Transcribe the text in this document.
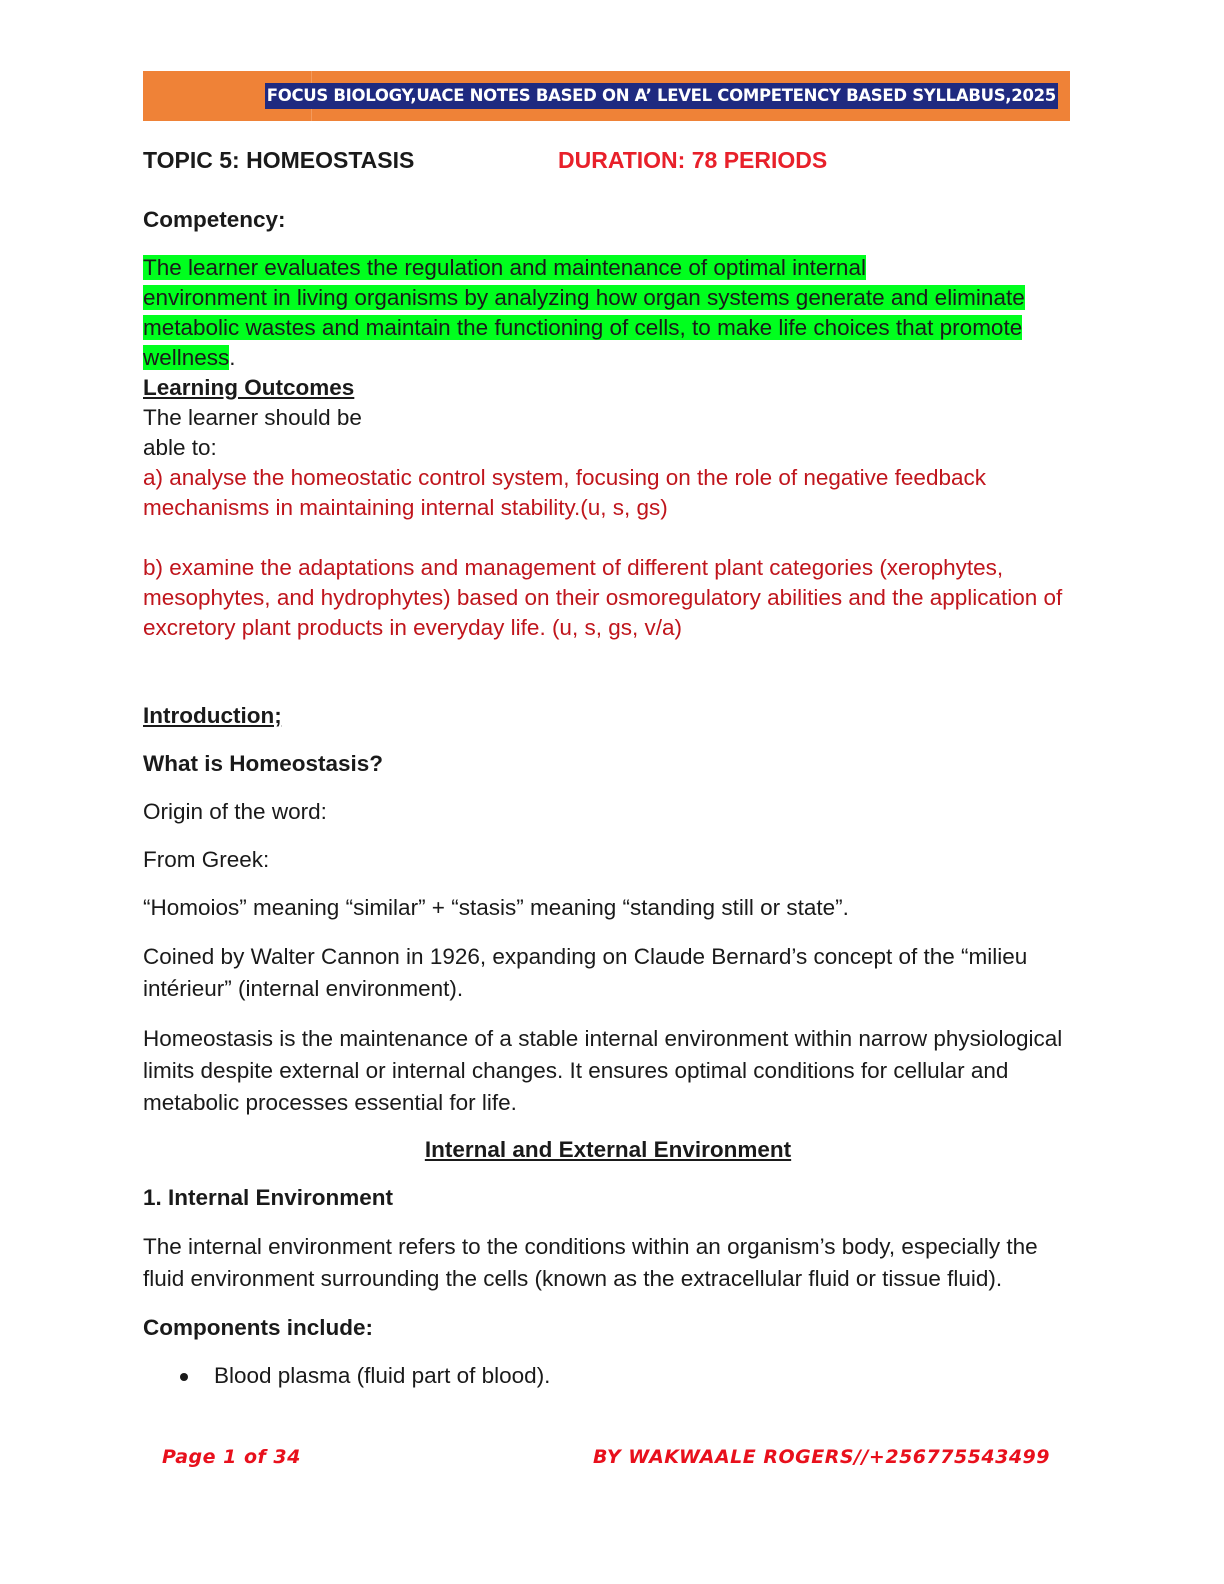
FOCUS BIOLOGY,UACE NOTES BASED ON A’ LEVEL COMPETENCY BASED SYLLABUS,2025
TOPIC 5: HOMEOSTASIS	DURATION: 78 PERIODS

Competency:

The learner evaluates the regulation and maintenance of optimal internal
environment in living organisms by analyzing how organ systems generate and eliminate
metabolic wastes and maintain the functioning of cells, to make life choices that promote
wellness.

Learning Outcomes

The learner should be

able to:

a) analyse the homeostatic control system, focusing on the role of negative feedback mechanisms in maintaining internal stability.(u, s, gs)

b) examine the adaptations and management of different plant categories (xerophytes, mesophytes, and hydrophytes) based on their osmoregulatory abilities and the application of excretory plant products in everyday life. (u, s, gs, v/a)

Introduction;

What is Homeostasis?

Origin of the word:

From Greek:

“Homoios” meaning “similar” + “stasis” meaning “standing still or state”.

Coined by Walter Cannon in 1926, expanding on Claude Bernard’s concept of the “milieu intérieur” (internal environment).

Homeostasis is the maintenance of a stable internal environment within narrow physiological limits despite external or internal changes. It ensures optimal conditions for cellular and metabolic processes essential for life.

Internal and External Environment

1. Internal Environment

The internal environment refers to the conditions within an organism’s body, especially the fluid environment surrounding the cells (known as the extracellular fluid or tissue fluid).

Components include:

Blood plasma (fluid part of blood).
Page 1 of 34	BY WAKWAALE ROGERS//+256775543499
